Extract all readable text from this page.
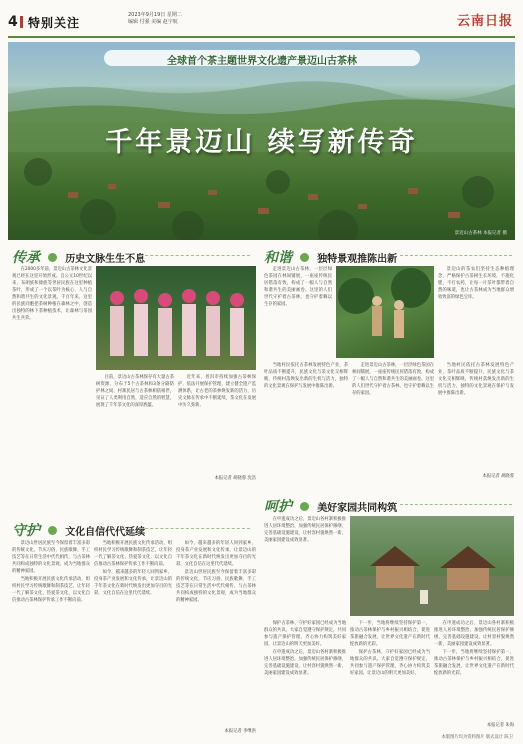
4 特别关注
2023年9月19日 星期二
编辑 付强 美编 赵宇航	云南日报
全球首个茶主题世界文化遗产景迈山古茶林
千年景迈山 续写新传奇
景迈山古茶林 本报记者 摄
传承	历史文脉生生不息

在2000多年前，景迈山古茶林文化景观已经在这里开始形成。自公元10世纪以来，布朗族和傣族等世居民族在这里种植茶叶，形成了一个以茶叶为核心、人与自然和谐共生的文化景观。千百年来，这里的民族同胞把茶树种植在森林之中，创造出独特的林下茶种植技术，让森林与茶园共生共荣。

目前，景迈山古茶林保存有大量古茶树资源，分布于5个古茶林和3条分隔防护林之间，村寨民居与古茶林相依相伴，见证了人类利用自然、适应自然的智慧，展现了千年茶文化的深厚底蕴。

近年来，普洱市持续加强古茶林保护，依法开展保护管理，建立健全遗产监测体系，让古老的茶林焕发新的活力，历史文脉在传承中不断延续，茶文化在发展中历久弥新。

本报记者 胡晓蓉 沈浩
和谐	独特景观推陈出新

走进景迈山古茶林，一层层绿色茶园在林间铺展，一座座传统民居错落有致，构成了一幅人与自然和谐共生的美丽画卷。这里的人们世代守护着古茶林，也守护着赖以生存的家园。

景迈山的茶农们坚持生态种植理念，严格保护古茶树生长环境，不施化肥、不打农药，让每一片茶叶都带着自然的味道，也让古茶林成为当地群众增收致富的绿色宝库。

当地村民依托古茶林发展特色产业，茶叶品质不断提升，民族文化与茶文化交相辉映，传统村落焕发出新的生机与活力，独特的文化景观在保护与发展中推陈出新。

走进景迈山古茶林，一层层绿色茶园在林间铺展，一座座传统民居错落有致，构成了一幅人与自然和谐共生的美丽画卷。这里的人们世代守护着古茶林，也守护着赖以生存的家园。

当地村民依托古茶林发展特色产业，茶叶品质不断提升，民族文化与茶文化交相辉映，传统村落焕发出新的生机与活力，独特的文化景观在保护与发展中推陈出新。

本报记者 胡晓蓉
守护	文化自信代代延续

景迈山世居民族至今保留着丰富多彩的传统文化，节庆习俗、民族歌舞、手工技艺等在日常生活中代代相传，与古茶林共同构成独特的文化景观，成为当地群众的精神家园。

当地积极开展民族文化传承活动，组织村民学习传统歌舞和制茶技艺，让年轻一代了解茶文化、热爱茶文化，以文化自信推动古茶林保护传承工作不断向前。

当地积极开展民族文化传承活动，组织村民学习传统歌舞和制茶技艺，让年轻一代了解茶文化、热爱茶文化，以文化自信推动古茶林保护传承工作不断向前。

如今，越来越多的年轻人回到家乡，投身茶产业发展和文化传承，让景迈山的千年茶文化在新时代焕发出更加夺目的光彩，文化自信在这里代代延续。

如今，越来越多的年轻人回到家乡，投身茶产业发展和文化传承，让景迈山的千年茶文化在新时代焕发出更加夺目的光彩，文化自信在这里代代延续。

景迈山世居民族至今保留着丰富多彩的传统文化，节庆习俗、民族歌舞、手工技艺等在日常生活中代代相传，与古茶林共同构成独特的文化景观，成为当地群众的精神家园。

本报记者 李继洪
呵护	美好家园共同构筑

在申遗成功之后，景迈山各村寨积极推进人居环境整治，加强传统民居保护修缮，完善基础设施建设，让村容村貌焕然一新，美丽家园建设成效显著。

保护古茶林、守护好家园已经成为当地群众的共识。大家自觉遵守保护规定，共同参与遗产保护管理，齐心协力构筑美好家园，让景迈山的明天更加美好。

在申遗成功之后，景迈山各村寨积极推进人居环境整治，加强传统民居保护修缮，完善基础设施建设，让村容村貌焕然一新，美丽家园建设成效显著。

下一步，当地将继续坚持保护第一，推动古茶林保护与乡村振兴相结合，促进茶旅融合发展，让世界文化遗产在新时代绽放新的光彩。

保护古茶林、守护好家园已经成为当地群众的共识。大家自觉遵守保护规定，共同参与遗产保护管理，齐心协力构筑美好家园，让景迈山的明天更加美好。

在申遗成功之后，景迈山各村寨积极推进人居环境整治，加强传统民居保护修缮，完善基础设施建设，让村容村貌焕然一新，美丽家园建设成效显著。

下一步，当地将继续坚持保护第一，推动古茶林保护与乡村振兴相结合，促进茶旅融合发展，让世界文化遗产在新时代绽放新的光彩。

本报记者 朱海
本版图片均为资料图片 版式设计 陈卫
